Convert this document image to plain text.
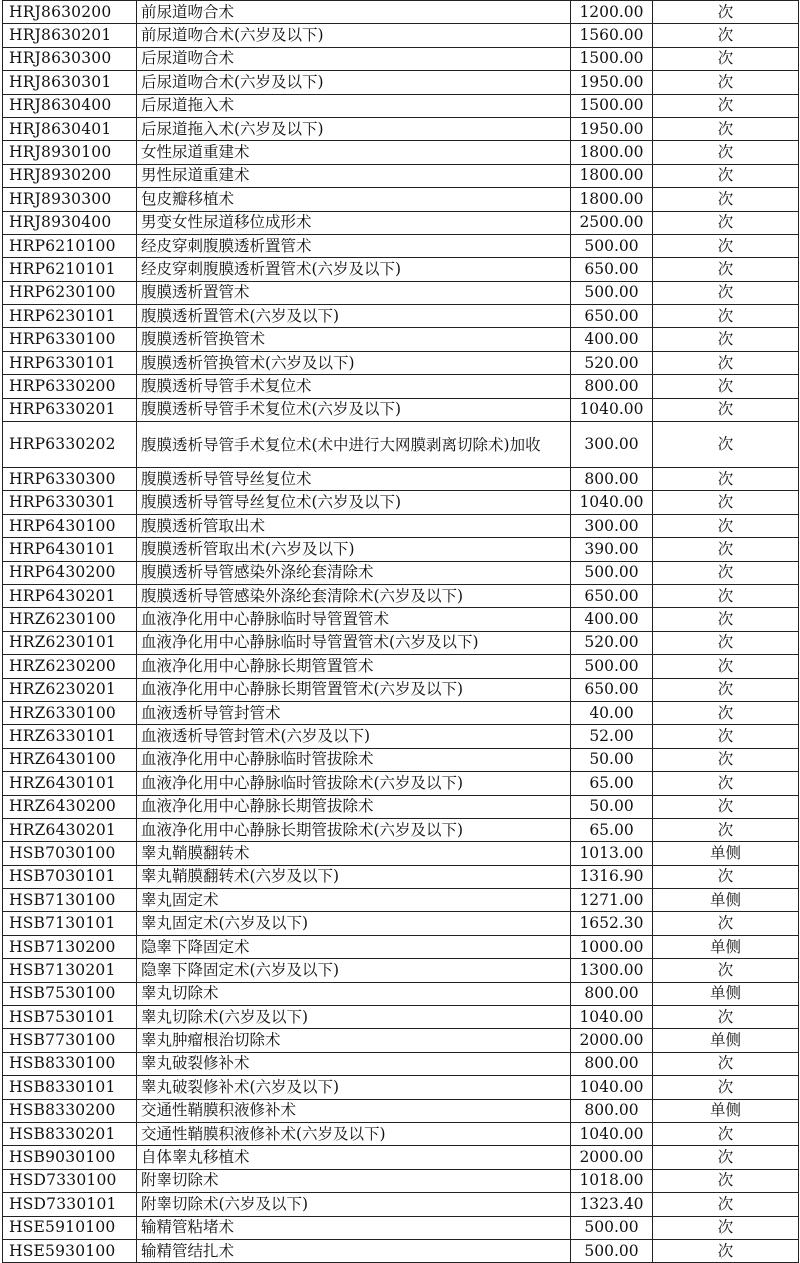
HRJ8630200	前尿道吻合术	1200.00	次
HRJ8630201	前尿道吻合术(六岁及以下)	1560.00	次
HRJ8630300	后尿道吻合术	1500.00	次
HRJ8630301	后尿道吻合术(六岁及以下)	1950.00	次
HRJ8630400	后尿道拖入术	1500.00	次
HRJ8630401	后尿道拖入术(六岁及以下)	1950.00	次
HRJ8930100	女性尿道重建术	1800.00	次
HRJ8930200	男性尿道重建术	1800.00	次
HRJ8930300	包皮瓣移植术	1800.00	次
HRJ8930400	男变女性尿道移位成形术	2500.00	次
HRP6210100	经皮穿刺腹膜透析置管术	500.00	次
HRP6210101	经皮穿刺腹膜透析置管术(六岁及以下)	650.00	次
HRP6230100	腹膜透析置管术	500.00	次
HRP6230101	腹膜透析置管术(六岁及以下)	650.00	次
HRP6330100	腹膜透析管换管术	400.00	次
HRP6330101	腹膜透析管换管术(六岁及以下)	520.00	次
HRP6330200	腹膜透析导管手术复位术	800.00	次
HRP6330201	腹膜透析导管手术复位术(六岁及以下)	1040.00	次
HRP6330202	腹膜透析导管手术复位术(术中进行大网膜剥离切除术)加收	300.00	次
HRP6330300	腹膜透析导管导丝复位术	800.00	次
HRP6330301	腹膜透析导管导丝复位术(六岁及以下)	1040.00	次
HRP6430100	腹膜透析管取出术	300.00	次
HRP6430101	腹膜透析管取出术(六岁及以下)	390.00	次
HRP6430200	腹膜透析导管感染外涤纶套清除术	500.00	次
HRP6430201	腹膜透析导管感染外涤纶套清除术(六岁及以下)	650.00	次
HRZ6230100	血液净化用中心静脉临时导管置管术	400.00	次
HRZ6230101	血液净化用中心静脉临时导管置管术(六岁及以下)	520.00	次
HRZ6230200	血液净化用中心静脉长期管置管术	500.00	次
HRZ6230201	血液净化用中心静脉长期管置管术(六岁及以下)	650.00	次
HRZ6330100	血液透析导管封管术	40.00	次
HRZ6330101	血液透析导管封管术(六岁及以下)	52.00	次
HRZ6430100	血液净化用中心静脉临时管拔除术	50.00	次
HRZ6430101	血液净化用中心静脉临时管拔除术(六岁及以下)	65.00	次
HRZ6430200	血液净化用中心静脉长期管拔除术	50.00	次
HRZ6430201	血液净化用中心静脉长期管拔除术(六岁及以下)	65.00	次
HSB7030100	睾丸鞘膜翻转术	1013.00	单侧
HSB7030101	睾丸鞘膜翻转术(六岁及以下)	1316.90	次
HSB7130100	睾丸固定术	1271.00	单侧
HSB7130101	睾丸固定术(六岁及以下)	1652.30	次
HSB7130200	隐睾下降固定术	1000.00	单侧
HSB7130201	隐睾下降固定术(六岁及以下)	1300.00	次
HSB7530100	睾丸切除术	800.00	单侧
HSB7530101	睾丸切除术(六岁及以下)	1040.00	次
HSB7730100	睾丸肿瘤根治切除术	2000.00	单侧
HSB8330100	睾丸破裂修补术	800.00	次
HSB8330101	睾丸破裂修补术(六岁及以下)	1040.00	次
HSB8330200	交通性鞘膜积液修补术	800.00	单侧
HSB8330201	交通性鞘膜积液修补术(六岁及以下)	1040.00	次
HSB9030100	自体睾丸移植术	2000.00	次
HSD7330100	附睾切除术	1018.00	次
HSD7330101	附睾切除术(六岁及以下)	1323.40	次
HSE5910100	输精管粘堵术	500.00	次
HSE5930100	输精管结扎术	500.00	次
